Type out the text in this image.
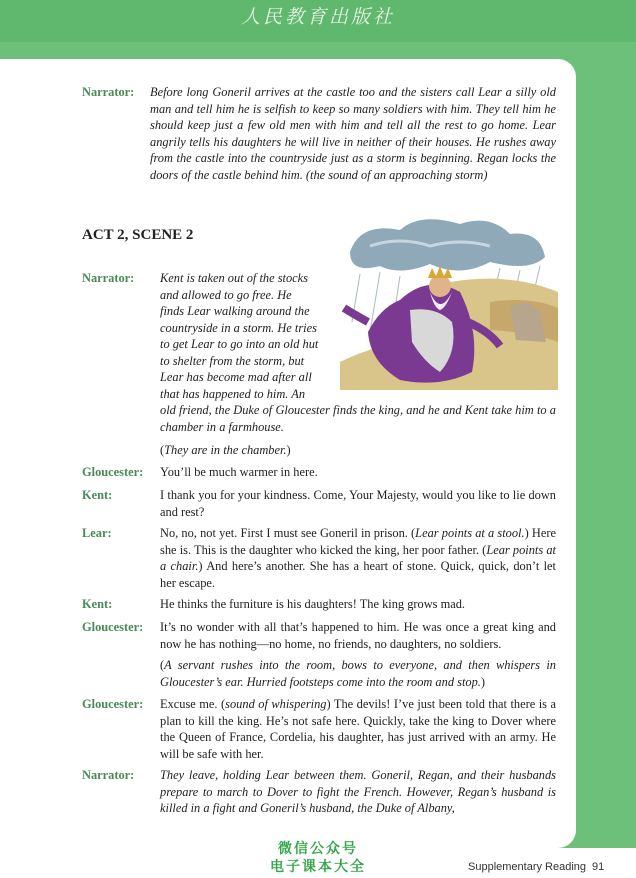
人民教育出版社
Narrator: Before long Goneril arrives at the castle too and the sisters call Lear a silly old man and tell him he is selfish to keep so many soldiers with him. They tell him he should keep just a few old men with him and tell all the rest to go home. Lear angrily tells his daughters he will live in neither of their houses. He rushes away from the castle into the countryside just as a storm is beginning. Regan locks the doors of the castle behind him. (the sound of an approaching storm)
ACT 2, SCENE 2
Narrator: Kent is taken out of the stocks
and allowed to go free. He
finds Lear walking around the
countryside in a storm. He tries
to get Lear to go into an old hut
to shelter from the storm, but
Lear has become mad after all
that has happened to him. An
old friend, the Duke of Gloucester finds the king, and he and Kent take him to a chamber in a farmhouse.
(They are in the chamber.)
Gloucester: You’ll be much warmer in here.
Kent:	I thank you for your kindness. Come, Your Majesty, would you like to lie down and rest?
Lear:	No, no, not yet. First I must see Goneril in prison. (Lear points at a stool.) Here she is. This is the daughter who kicked the king, her poor father. (Lear points at a chair.) And here’s another. She has a heart of stone. Quick, quick, don’t let her escape.
Kent:	He thinks the furniture is his daughters! The king grows mad.
Gloucester: It’s no wonder with all that’s happened to him. He was once a great king and now he has nothing—no home, no friends, no daughters, no soldiers.
(A servant rushes into the room, bows to everyone, and then whispers in Gloucester’s ear. Hurried footsteps come into the room and stop.)
Gloucester: Excuse me. (sound of whispering) The devils! I’ve just been told that there is a plan to kill the king. He’s not safe here. Quickly, take the king to Dover where the Queen of France, Cordelia, his daughter, has just arrived with an army. He will be safe with her.
Narrator: They leave, holding Lear between them. Goneril, Regan, and their husbands prepare to march to Dover to fight the French. However, Regan’s husband is killed in a fight and Goneril’s husband, the Duke of Albany,
微信公众号
电子课本大全	Supplementary Reading 91
